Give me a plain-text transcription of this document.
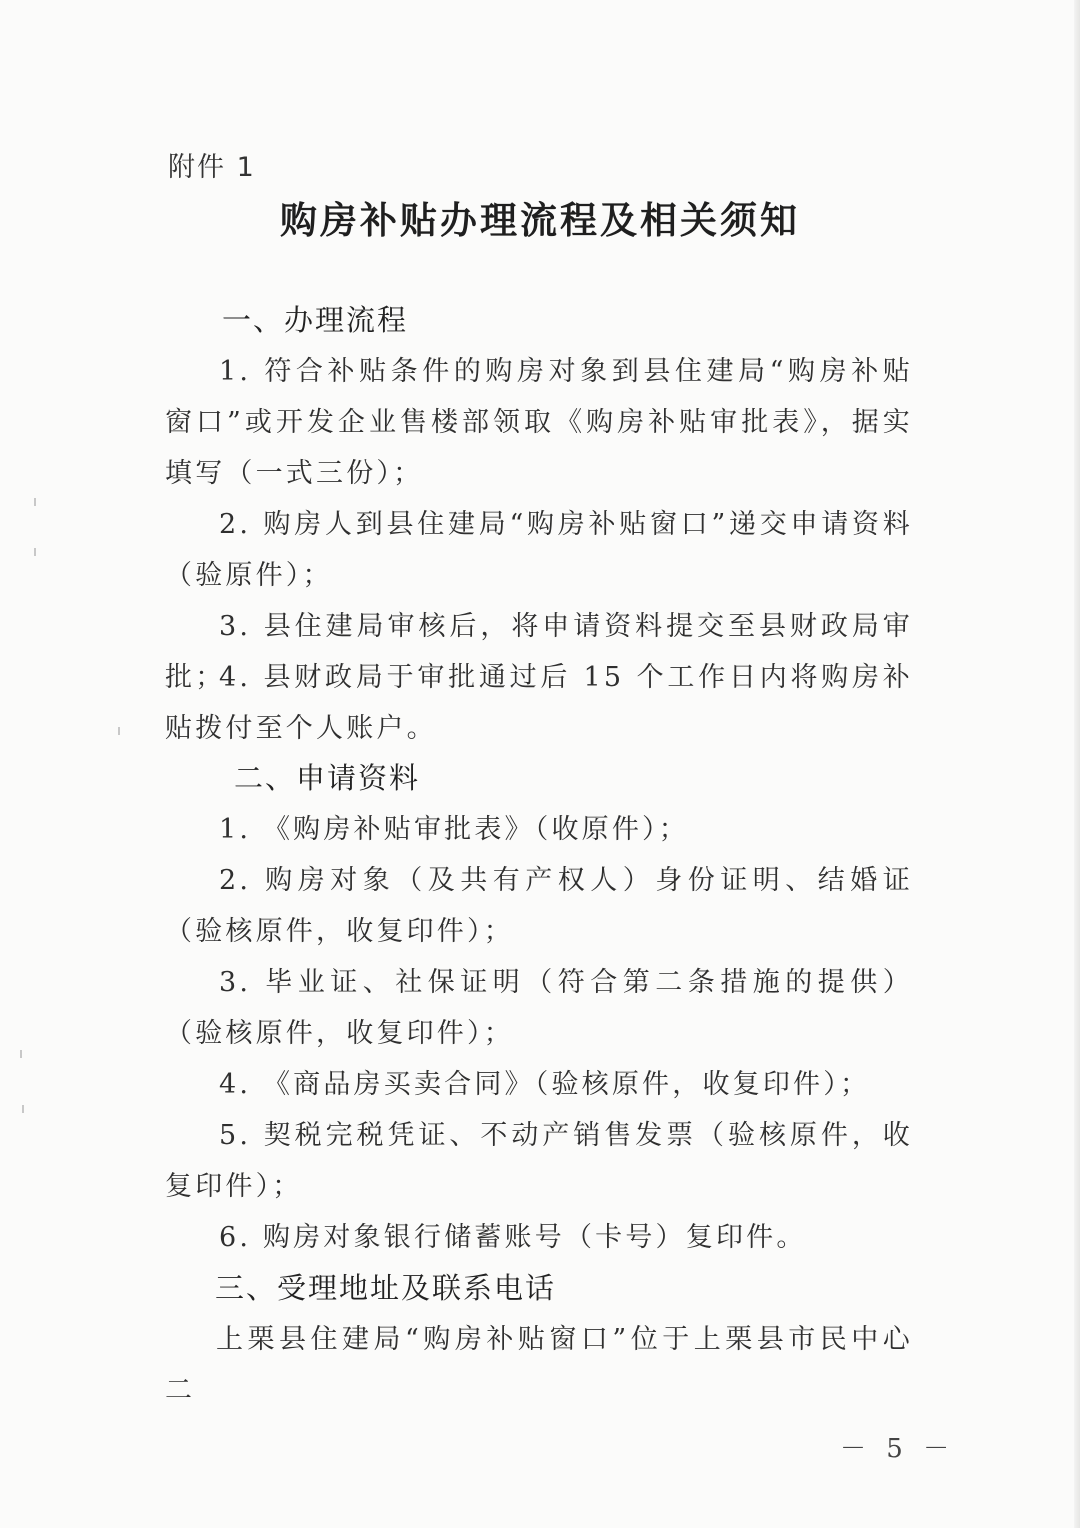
附件 1
购房补贴办理流程及相关须知
一、办理流程
1. 符合补贴条件的购房对象到县住建局“购房补贴窗口”或开发企业售楼部领取《购房补贴审批表》，据实填写（一式三份）；
2. 购房人到县住建局“购房补贴窗口”递交申请资料（验原件）；
3. 县住建局审核后，将申请资料提交至县财政局审批；
4. 县财政局于审批通过后 15 个工作日内将购房补贴拨付至个人账户。
二、申请资料
1. 《购房补贴审批表》（收原件）；
2. 购房对象（及共有产权人）身份证明、结婚证（验核原件，收复印件）；
3. 毕业证、社保证明（符合第二条措施的提供）（验核原件，收复印件）；
4. 《商品房买卖合同》（验核原件，收复印件）；
5. 契税完税凭证、不动产销售发票（验核原件，收复印件）；
6. 购房对象银行储蓄账号（卡号）复印件。
三、受理地址及联系电话
上栗县住建局“购房补贴窗口”位于上栗县市民中心二
－ 5 －
